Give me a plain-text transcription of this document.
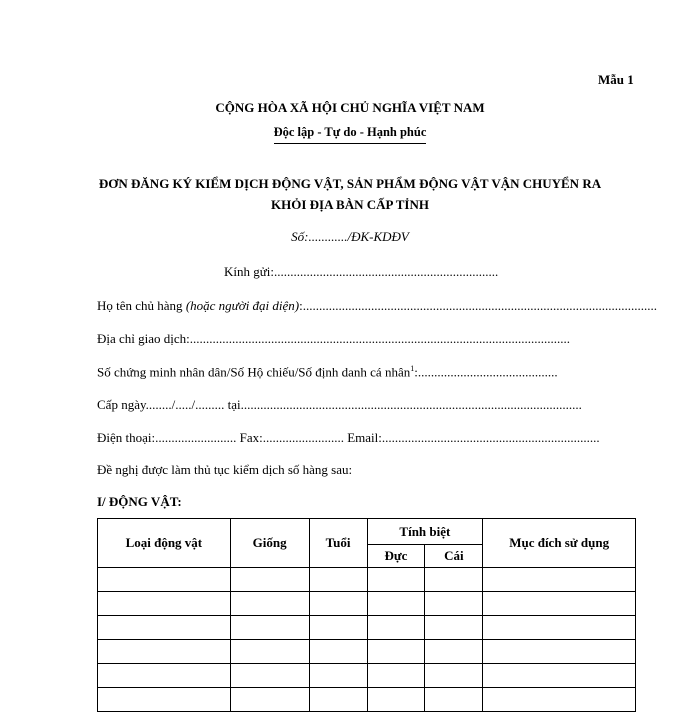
Mẫu 1
CỘNG HÒA XÃ HỘI CHỦ NGHĨA VIỆT NAM
Độc lập - Tự do - Hạnh phúc
ĐƠN ĐĂNG KÝ KIỂM DỊCH ĐỘNG VẬT, SẢN PHẨM ĐỘNG VẬT VẬN CHUYỂN RA
KHỎI ĐỊA BÀN CẤP TỈNH
Số:............/ĐK-KDĐV
Kính gửi:.....................................................................
Họ tên chủ hàng (hoặc người đại diện):.............................................................................................................
Địa chỉ giao dịch:.....................................................................................................................
Số chứng minh nhân dân/Số Hộ chiếu/Số định danh cá nhân$^1$:...........................................
Cấp ngày......../...../......... tại.........................................................................................................
Điện thoại:......................... Fax:......................... Email:...................................................................
Đề nghị được làm thủ tục kiểm dịch số hàng sau:
I/ ĐỘNG VẬT:
Loại động vật	Giống	Tuổi	Tính biệt		Mục đích sử dụng
			Đực	Cái	
